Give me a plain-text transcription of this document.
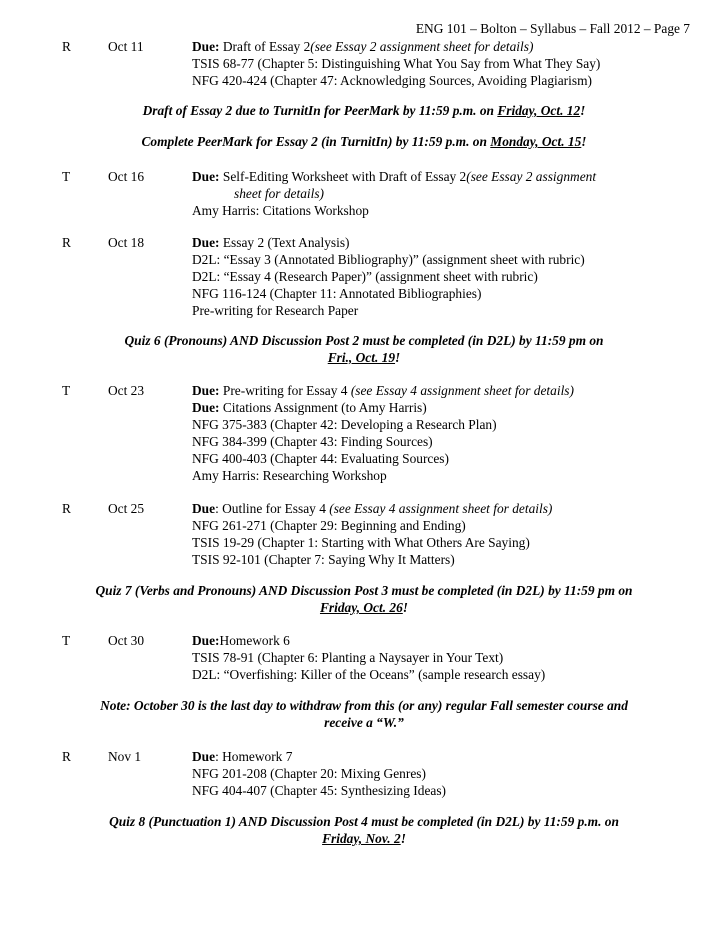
ENG 101 – Bolton – Syllabus – Fall 2012 – Page 7
R	Oct 11	Due: Draft of Essay 2(see Essay 2 assignment sheet for details)
TSIS 68-77 (Chapter 5: Distinguishing What You Say from What They Say)
NFG 420-424 (Chapter 47: Acknowledging Sources, Avoiding Plagiarism)
Draft of Essay 2 due to TurnitIn for PeerMark by 11:59 p.m. on Friday, Oct. 12!
Complete PeerMark for Essay 2 (in TurnitIn) by 11:59 p.m. on Monday, Oct. 15!
T	Oct 16	Due: Self-Editing Worksheet with Draft of Essay 2(see Essay 2 assignment
sheet for details)
Amy Harris: Citations Workshop
R	Oct 18	Due: Essay 2 (Text Analysis)
D2L: “Essay 3 (Annotated Bibliography)” (assignment sheet with rubric)
D2L: “Essay 4 (Research Paper)” (assignment sheet with rubric)
NFG 116-124 (Chapter 11: Annotated Bibliographies)
Pre-writing for Research Paper
Quiz 6 (Pronouns) AND Discussion Post 2 must be completed (in D2L) by 11:59 pm on
Fri., Oct. 19!
T	Oct 23	Due: Pre-writing for Essay 4 (see Essay 4 assignment sheet for details)
Due: Citations Assignment (to Amy Harris)
NFG 375-383 (Chapter 42: Developing a Research Plan)
NFG 384-399 (Chapter 43: Finding Sources)
NFG 400-403 (Chapter 44: Evaluating Sources)
Amy Harris: Researching Workshop
R	Oct 25	Due: Outline for Essay 4 (see Essay 4 assignment sheet for details)
NFG 261-271 (Chapter 29: Beginning and Ending)
TSIS 19-29 (Chapter 1: Starting with What Others Are Saying)
TSIS 92-101 (Chapter 7: Saying Why It Matters)
Quiz 7 (Verbs and Pronouns) AND Discussion Post 3 must be completed (in D2L) by 11:59 pm on
Friday, Oct. 26!
T	Oct 30	Due:Homework 6
TSIS 78-91 (Chapter 6: Planting a Naysayer in Your Text)
D2L: “Overfishing: Killer of the Oceans” (sample research essay)
Note: October 30 is the last day to withdraw from this (or any) regular Fall semester course and
receive a “W.”
R	Nov 1	Due: Homework 7
NFG 201-208 (Chapter 20: Mixing Genres)
NFG 404-407 (Chapter 45: Synthesizing Ideas)
Quiz 8 (Punctuation 1) AND Discussion Post 4 must be completed (in D2L) by 11:59 p.m. on
Friday, Nov. 2!
